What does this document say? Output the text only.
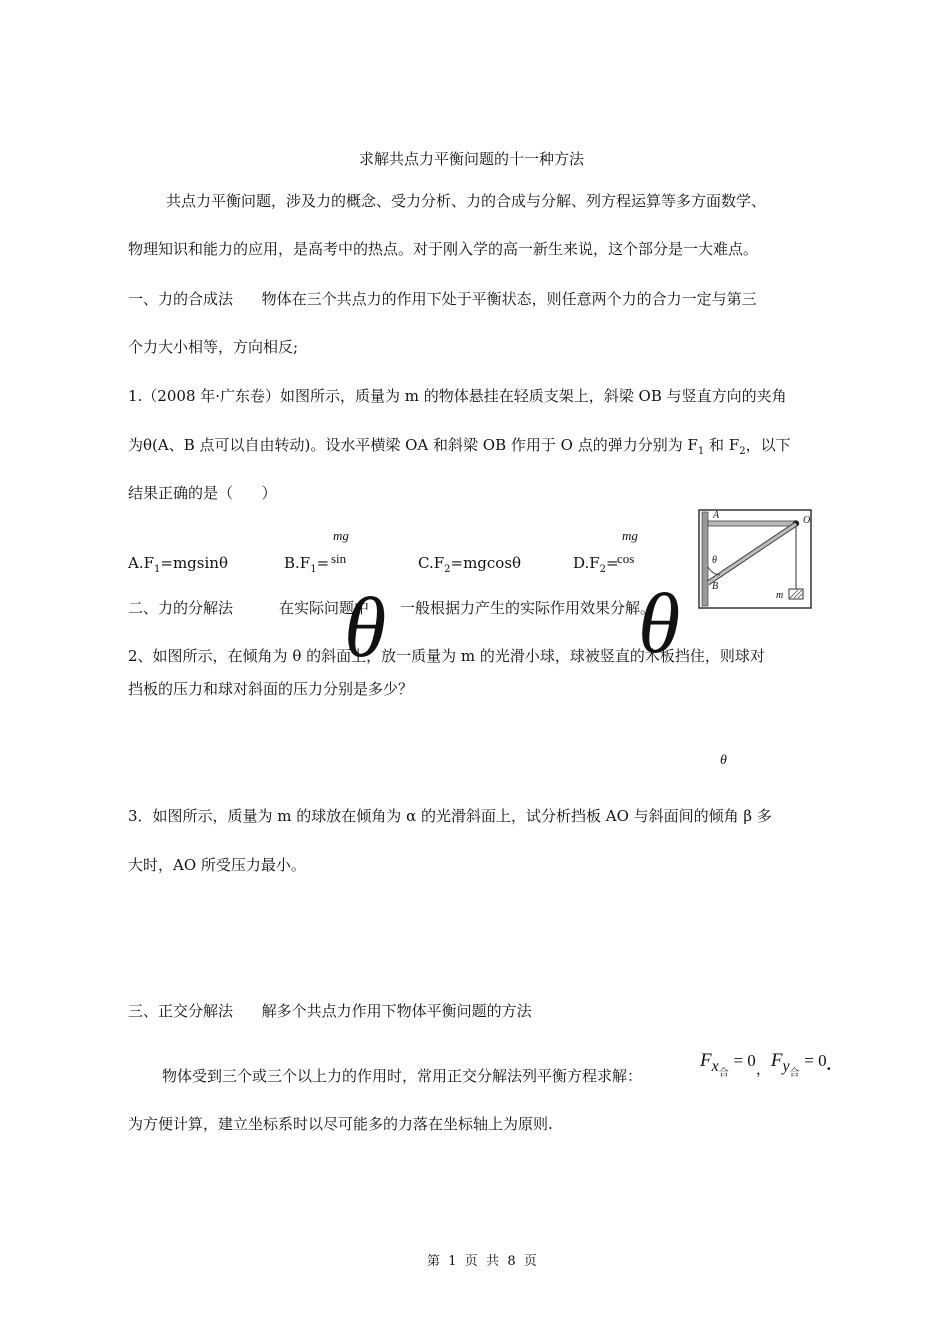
求解共点力平衡问题的十一种方法
共点力平衡问题，涉及力的概念、受力分析、力的合成与分解、列方程运算等多方面数学、
物理知识和能力的应用，是高考中的热点。对于刚入学的高一新生来说，这个部分是一大难点。
一、力的合成法      物体在三个共点力的作用下处于平衡状态，则任意两个力的合力一定与第三
个力大小相等，方向相反;
1.（2008 年·广东卷）如图所示，质量为 m 的物体悬挂在轻质支架上，斜梁 OB 与竖直方向的夹角
为θ(A、B 点可以自由转动)。设水平横梁 OA 和斜梁 OB 作用于 O 点的弹力分别为 $F_1$ 和 $F_2$，以下
结果正确的是（      ）
$A.F_1=mgsin\theta$
mg
$B.F_1= \sin$	$C.F_2=mgcos\theta$
mg
$D.F_2=$
cos
A	O
θ
B
m
二、力的分解法	在实际问题中 一般根据力产生的实际作用效果分解。
θ	θ
2、如图所示，在倾角为 θ 的斜面上，放一质量为 m 的光滑小球，球被竖直的木板挡住，则球对
挡板的压力和球对斜面的压力分别是多少？
θ
3．如图所示，质量为 m 的球放在倾角为 α 的光滑斜面上，试分析挡板 AO 与斜面间的倾角 β 多
大时，AO 所受压力最小。
三、正交分解法      解多个共点力作用下物体平衡问题的方法
物体受到三个或三个以上力的作用时，常用正交分解法列平衡方程求解：
$F_{x合} = 0_,F_{y合} = 0$.
为方便计算，建立坐标系时以尽可能多的力落在坐标轴上为原则.
第  1  页  共  8  页
